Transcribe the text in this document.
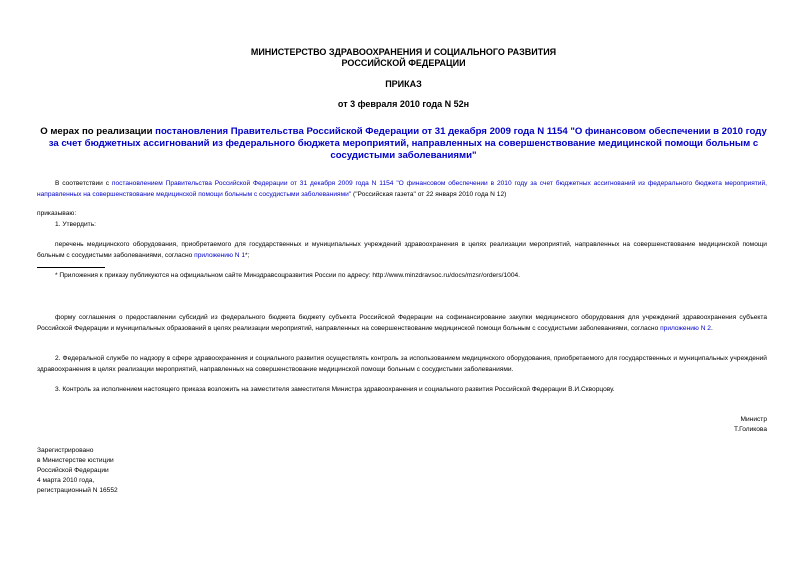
МИНИСТЕРСТВО ЗДРАВООХРАНЕНИЯ И СОЦИАЛЬНОГО РАЗВИТИЯ
РОССИЙСКОЙ ФЕДЕРАЦИИ
ПРИКАЗ
от 3 февраля 2010 года N 52н
О мерах по реализации постановления Правительства Российской Федерации от 31 декабря 2009 года N 1154 "О финансовом обеспечении в 2010 году за счет бюджетных ассигнований из федерального бюджета мероприятий, направленных на совершенствование медицинской помощи больным с сосудистыми заболеваниями"
В соответствии с постановлением Правительства Российской Федерации от 31 декабря 2009 года N 1154 "О финансовом обеспечении в 2010 году за счет бюджетных ассигнований из федерального бюджета мероприятий, направленных на совершенствование медицинской помощи больным с сосудистыми заболеваниями" ("Российская газета" от 22 января 2010 года N 12)
приказываю:
1. Утвердить:
перечень медицинского оборудования, приобретаемого для государственных и муниципальных учреждений здравоохранения в целях реализации мероприятий, направленных на совершенствование медицинской помощи больным с сосудистыми заболеваниями, согласно приложению N 1*;
* Приложения к приказу публикуются на официальном сайте Минздравсоцразвития России по адресу: http://www.minzdravsoc.ru/docs/mzsr/orders/1004.
форму соглашения о предоставлении субсидий из федерального бюджета бюджету субъекта Российской Федерации на софинансирование закупки медицинского оборудования для учреждений здравоохранения субъекта Российской Федерации и муниципальных образований в целях реализации мероприятий, направленных на совершенствование медицинской помощи больным с сосудистыми заболеваниями, согласно приложению N 2.
2. Федеральной службе по надзору в сфере здравоохранения и социального развития осуществлять контроль за использованием медицинского оборудования, приобретаемого для государственных и муниципальных учреждений здравоохранения в целях реализации мероприятий, направленных на совершенствование медицинской помощи больным с сосудистыми заболеваниями.
3. Контроль за исполнением настоящего приказа возложить на заместителя заместителя Министра здравоохранения и социального развития Российской Федерации В.И.Скворцову.
Министр
Т.Голикова
Зарегистрировано
в Министерстве юстиции
Российской Федерации
4 марта 2010 года,
регистрационный N 16552
